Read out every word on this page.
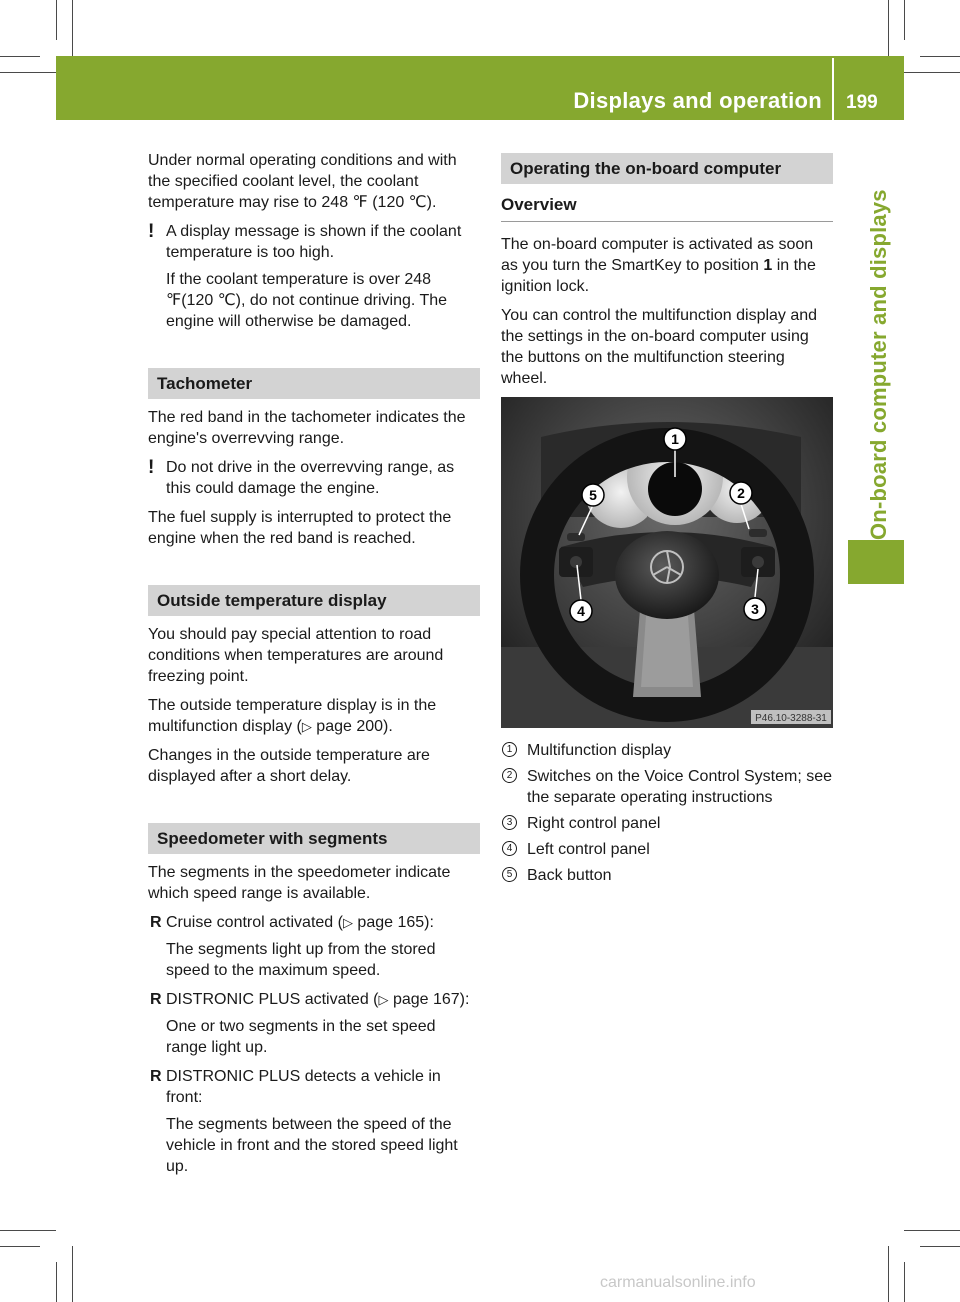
Displays and operation 199
On-board computer and displays

Under normal operating conditions and with the specified coolant level, the coolant temperature may rise to 248 ℉ (120 ℃).

! A display message is shown if the coolant temperature is too high.

If the coolant temperature is over 248 ℉(120 ℃), do not continue driving. The engine will otherwise be damaged.

Tachometer

The red band in the tachometer indicates the engine's overrevving range.

! Do not drive in the overrevving range, as this could damage the engine.

The fuel supply is interrupted to protect the engine when the red band is reached.

Outside temperature display

You should pay special attention to road conditions when temperatures are around freezing point.

The outside temperature display is in the multifunction display (▷ page 200).

Changes in the outside temperature are displayed after a short delay.

Speedometer with segments

The segments in the speedometer indicate which speed range is available.

R Cruise control activated (▷ page 165):
The segments light up from the stored speed to the maximum speed.
R DISTRONIC PLUS activated (▷ page 167):
One or two segments in the set speed range light up.
R DISTRONIC PLUS detects a vehicle in front:
The segments between the speed of the vehicle in front and the stored speed light up.
Operating the on-board computer
Overview

The on-board computer is activated as soon as you turn the SmartKey to position 1 in the ignition lock.

You can control the multifunction display and the settings in the on-board computer using the buttons on the multifunction steering wheel.

1
2
3
4
5
P46.10-3288-31
1 Multifunction display
2 Switches on the Voice Control System; see the separate operating instructions
3 Right control panel
4 Left control panel
5 Back button
carmanualsonline.info
